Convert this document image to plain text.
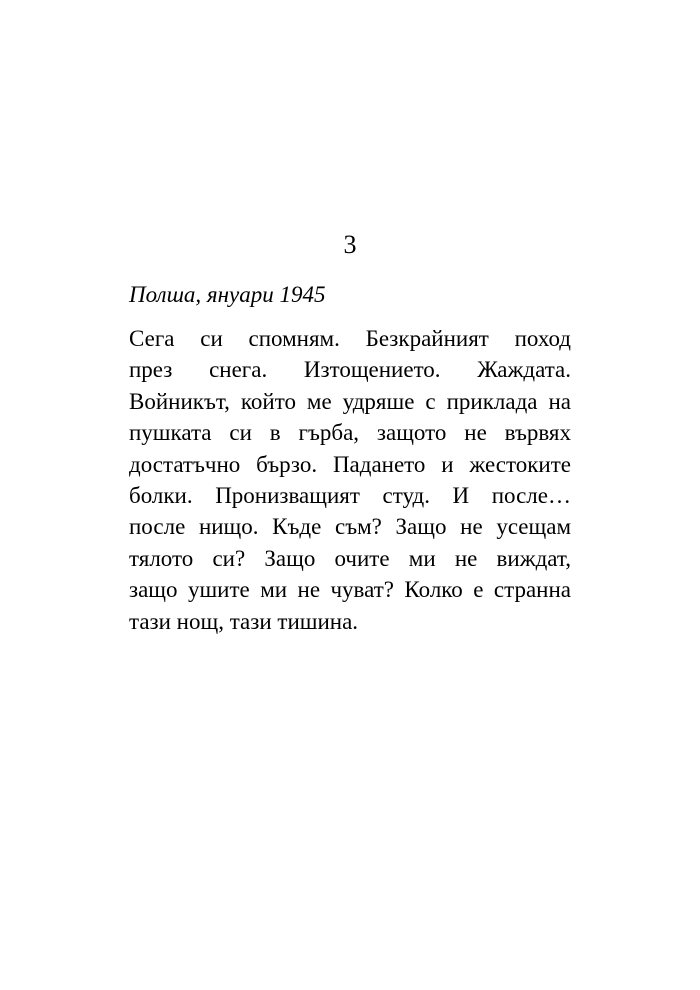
3
Полша, януари 1945
Сега си спомням. Безкрайният поход
през снега. Изтощението. Жаждата.
Войникът, който ме удряше с приклада на
пушката си в гърба, защото не вървях
достатъчно бързо. Падането и жестоките
болки. Пронизващият студ. И после…
после нищо. Къде съм? Защо не усещам
тялото си? Защо очите ми не виждат,
защо ушите ми не чуват? Колко е странна
тази нощ, тази тишина.
